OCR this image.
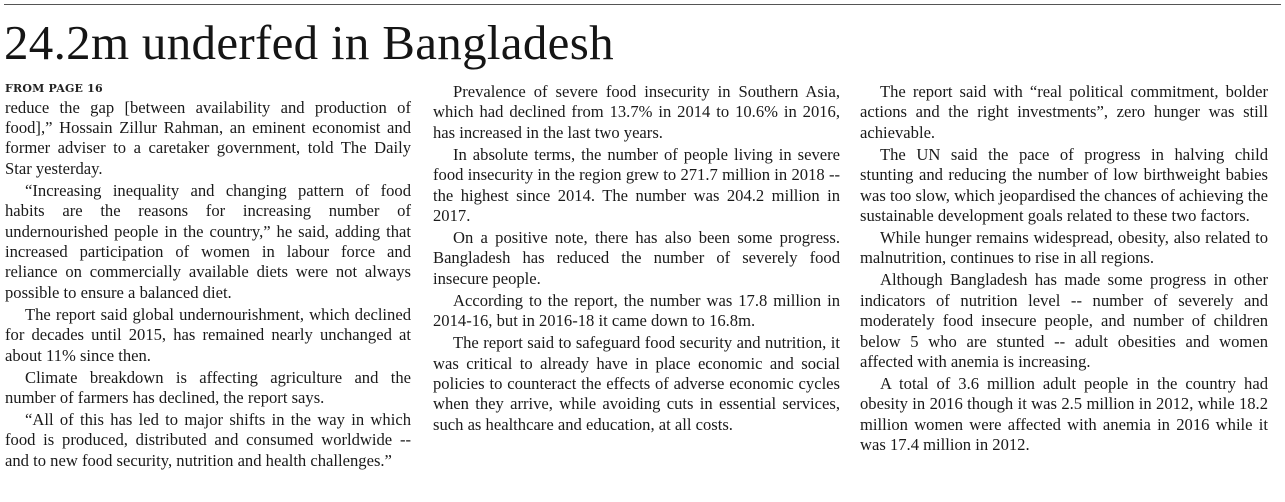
24.2m underfed in Bangladesh

FROM PAGE 16

reduce the gap [between availability and production of food],” Hossain Zillur Rahman, an eminent economist and former adviser to a caretaker government, told The Daily Star yesterday.

“Increasing inequality and changing pattern of food habits are the reasons for increasing number of undernourished people in the country,” he said, adding that increased participation of women in labour force and reliance on commercially available diets were not always possible to ensure a balanced diet.

The report said global undernourishment, which declined for decades until 2015, has remained nearly unchanged at about 11% since then.

Climate breakdown is affecting agriculture and the number of farmers has declined, the report says.

“All of this has led to major shifts in the way in which food is produced, distributed and consumed worldwide -- and to new food security, nutrition and health challenges.”

Prevalence of severe food insecurity in Southern Asia, which had declined from 13.7% in 2014 to 10.6% in 2016, has increased in the last two years.

In absolute terms, the number of people living in severe food insecurity in the region grew to 271.7 million in 2018 -- the highest since 2014. The number was 204.2 million in 2017.

On a positive note, there has also been some progress. Bangladesh has reduced the number of severely food insecure people.

According to the report, the number was 17.8 million in 2014-16, but in 2016-18 it came down to 16.8m.

The report said to safeguard food security and nutrition, it was critical to already have in place economic and social policies to counteract the effects of adverse economic cycles when they arrive, while avoiding cuts in essential services, such as healthcare and education, at all costs.

The report said with “real political commitment, bolder actions and the right investments”, zero hunger was still achievable.

The UN said the pace of progress in halving child stunting and reducing the number of low birthweight babies was too slow, which jeopardised the chances of achieving the sustainable development goals related to these two factors.

While hunger remains widespread, obesity, also related to malnutrition, continues to rise in all regions.

Although Bangladesh has made some progress in other indicators of nutrition level -- number of severely and moderately food insecure people, and number of children below 5 who are stunted -- adult obesities and women affected with anemia is increasing.

A total of 3.6 million adult people in the country had obesity in 2016 though it was 2.5 million in 2012, while 18.2 million women were affected with anemia in 2016 while it was 17.4 million in 2012.
